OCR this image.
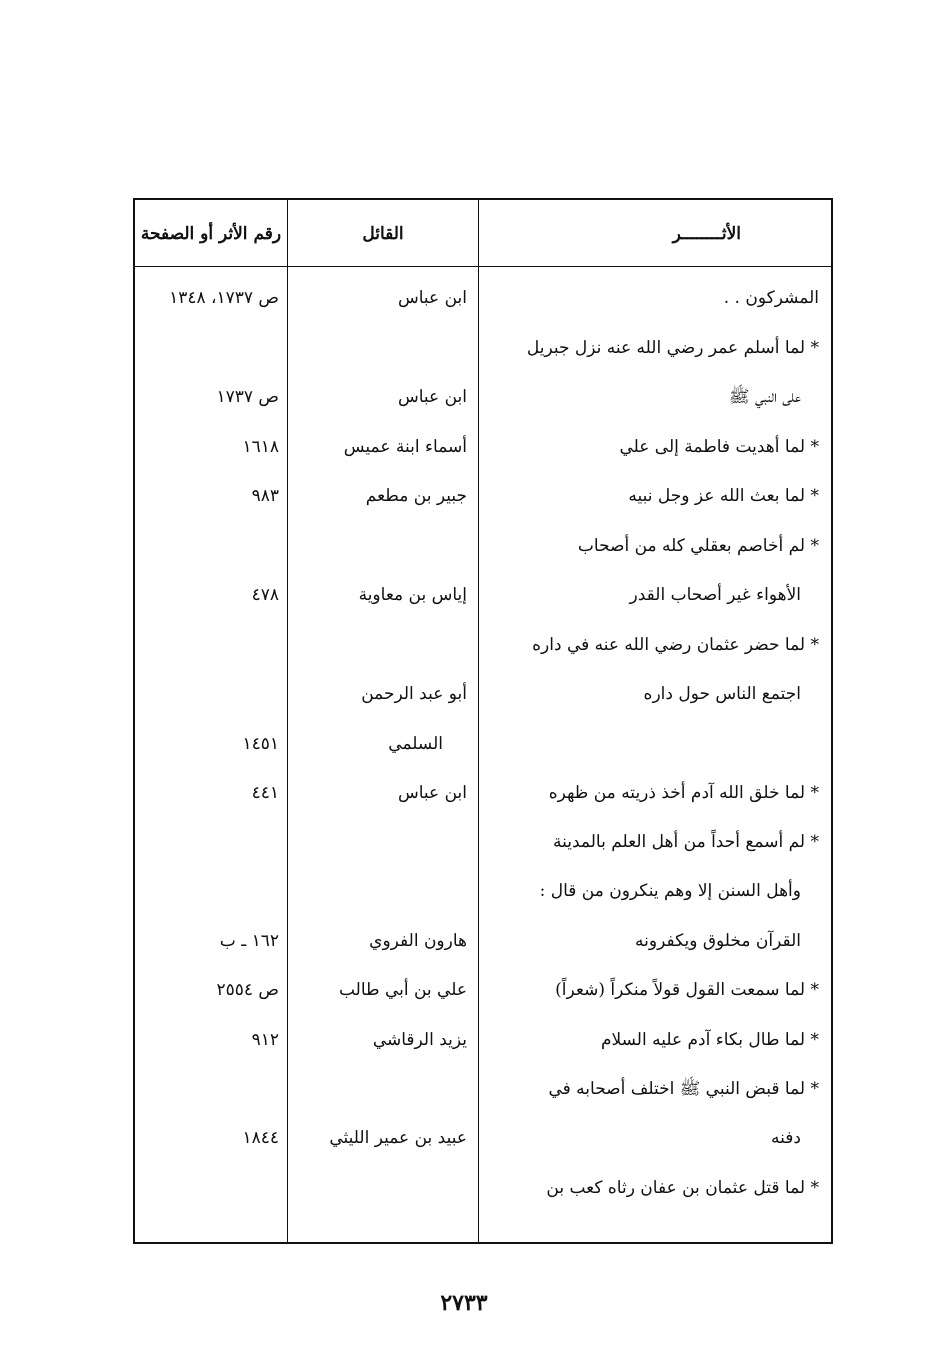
رقم الأثر أو الصفحة	القائل	الأثــــــــر
المشركون . .
ابن عباس
ص ١٧٣٧، ١٣٤٨
* لما أسلم عمر رضي الله عنه نزل جبريل
على النبي ﷺ
ابن عباس
ص ١٧٣٧
* لما أهديت فاطمة إلى علي
أسماء ابنة عميس
١٦١٨
* لما بعث الله عز وجل نبيه
جبير بن مطعم
٩٨٣
* لم أخاصم بعقلي كله من أصحاب
الأهواء غير أصحاب القدر
إياس بن معاوية
٤٧٨
* لما حضر عثمان رضي الله عنه في داره
اجتمع الناس حول داره
أبو عبد الرحمن
السلمي
١٤٥١
* لما خلق الله آدم أخذ ذريته من ظهره
ابن عباس
٤٤١
* لم أسمع أحداً من أهل العلم بالمدينة
وأهل السنن إلا وهم ينكرون من قال :
القرآن مخلوق ويكفرونه
هارون الفروي
١٦٢ ـ ب
* لما سمعت القول قولاً منكراً (شعراً)
علي بن أبي طالب
ص ٢٥٥٤
* لما طال بكاء آدم عليه السلام
يزيد الرقاشي
٩١٢
* لما قبض النبي ﷺ اختلف أصحابه في
دفنه
عبيد بن عمير الليثي
١٨٤٤
* لما قتل عثمان بن عفان رثاه كعب بن
٢٧٣٣
